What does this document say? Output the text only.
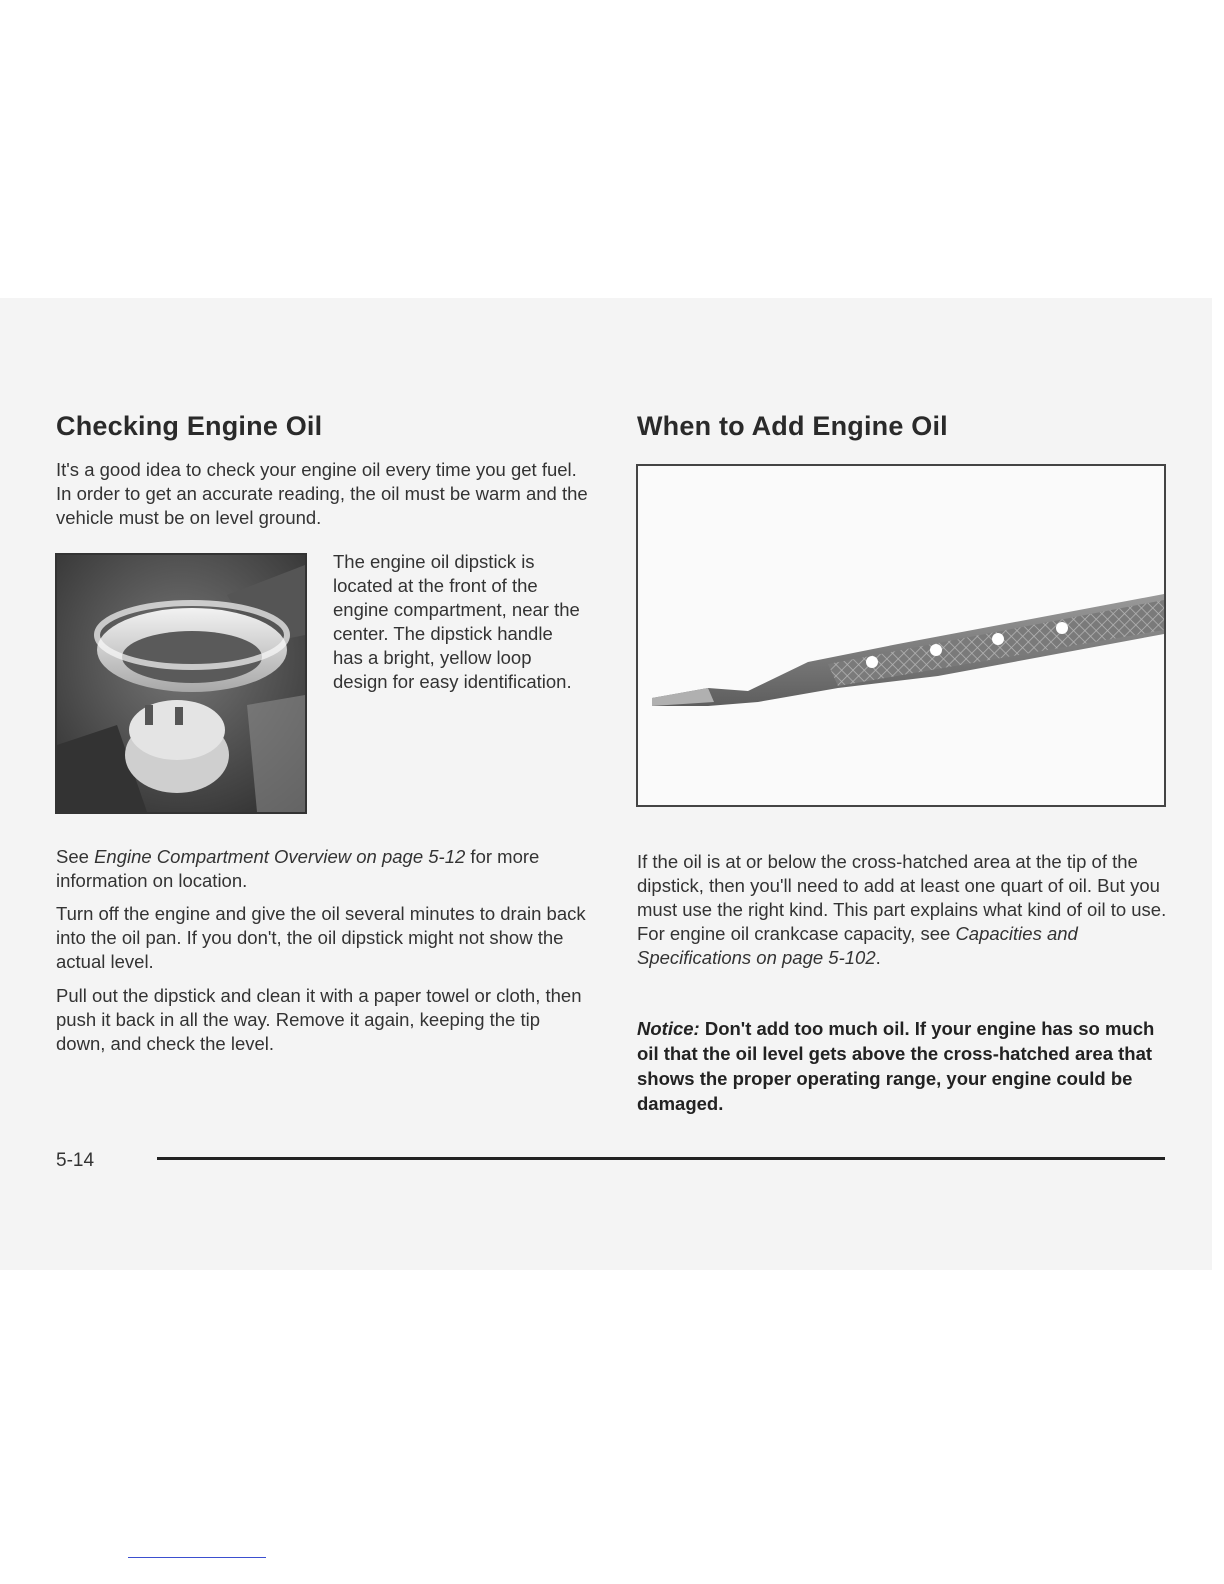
Checking Engine Oil

It's a good idea to check your engine oil every time you get fuel. In order to get an accurate reading, the oil must be warm and the vehicle must be on level ground.

The engine oil dipstick is located at the front of the engine compartment, near the center. The dipstick handle has a bright, yellow loop design for easy identification.

See Engine Compartment Overview on page 5-12 for more information on location.

Turn off the engine and give the oil several minutes to drain back into the oil pan. If you don't, the oil dipstick might not show the actual level.

Pull out the dipstick and clean it with a paper towel or cloth, then push it back in all the way. Remove it again, keeping the tip down, and check the level.

When to Add Engine Oil

If the oil is at or below the cross-hatched area at the tip of the dipstick, then you'll need to add at least one quart of oil. But you must use the right kind. This part explains what kind of oil to use. For engine oil crankcase capacity, see Capacities and Specifications on page 5-102.

Notice: Don't add too much oil. If your engine has so much oil that the oil level gets above the cross-hatched area that shows the proper operating range, your engine could be damaged.

5-14
